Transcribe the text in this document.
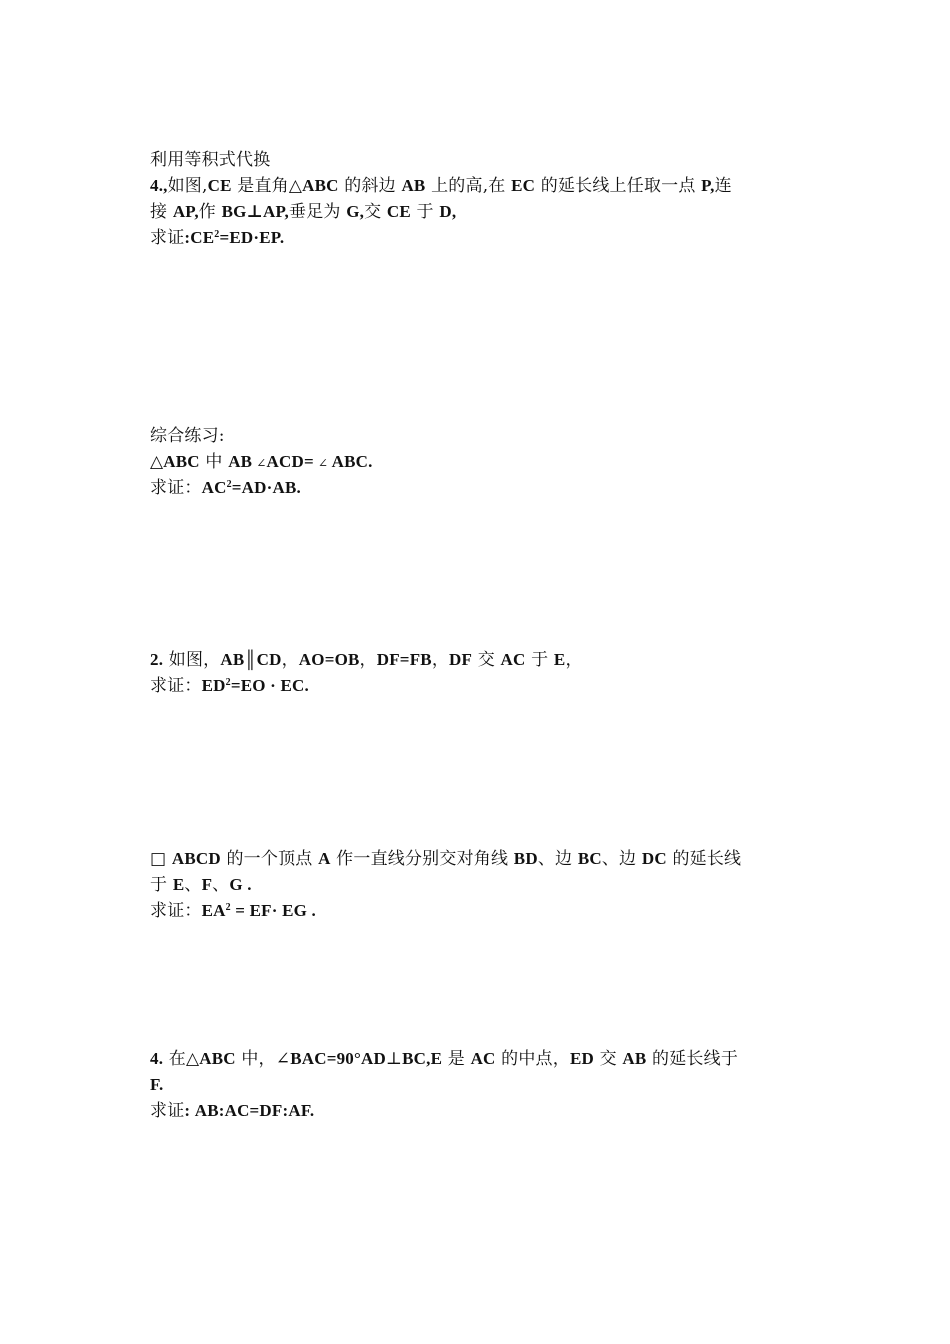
利用等积式代换
4.,如图,CE 是直角△ABC 的斜边 AB 上的高,在 EC 的延长线上任取一点 P,连
接 AP,作 BG⊥AP,垂足为 G,交 CE 于 D,
求证$:CE^2=ED\cdot EP$.
综合练习:
△ABC 中 AB ∠ACD= ∠ ABC.
求证：$AC^2=AD\cdot AB$.
2. 如图，AB║CD，AO=OB，DF=FB，DF 交 AC 于 E，
求证：$ED^2=EO$ · EC.
□ ABCD 的一个顶点 A 作一直线分别交对角线 BD、边 BC、边 DC 的延长线
于 E、F、G .
求证：$EA^2 = EF\cdot$ EG .
4. 在△ABC 中，∠BAC=90°AD⊥BC,E 是 AC 的中点，ED 交 AB 的延长线于
F.
求证: AB:AC=DF:AF.
